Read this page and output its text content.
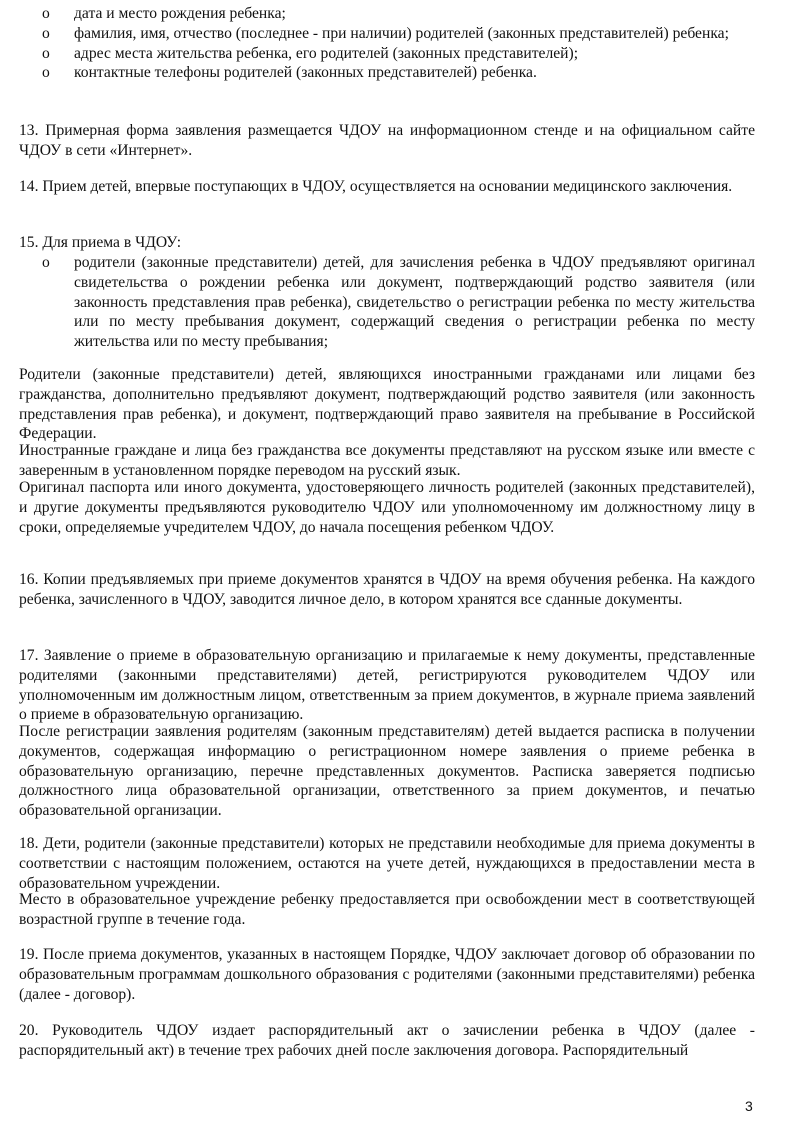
o дата и место рождения ребенка;
o фамилия, имя, отчество (последнее - при наличии) родителей (законных представителей) ребенка;
o адрес места жительства ребенка, его родителей (законных представителей);
o контактные телефоны родителей (законных представителей) ребенка.

13. Примерная форма заявления размещается ЧДОУ на информационном стенде и на официальном сайте ЧДОУ в сети «Интернет».

14. Прием детей, впервые поступающих в ЧДОУ, осуществляется на основании медицинского заключения.

15. Для приема в ЧДОУ:

o родители (законные представители) детей, для зачисления ребенка в ЧДОУ предъявляют оригинал свидетельства о рождении ребенка или документ, подтверждающий родство заявителя (или законность представления прав ребенка), свидетельство о регистрации ребенка по месту жительства или по месту пребывания документ, содержащий сведения о регистрации ребенка по месту жительства или по месту пребывания;

Родители (законные представители) детей, являющихся иностранными гражданами или лицами без гражданства, дополнительно предъявляют документ, подтверждающий родство заявителя (или законность представления прав ребенка), и документ, подтверждающий право заявителя на пребывание в Российской Федерации.

Иностранные граждане и лица без гражданства все документы представляют на русском языке или вместе с заверенным в установленном порядке переводом на русский язык.

Оригинал паспорта или иного документа, удостоверяющего личность родителей (законных представителей), и другие документы предъявляются руководителю ЧДОУ или уполномоченному им должностному лицу в сроки, определяемые учредителем ЧДОУ, до начала посещения ребенком ЧДОУ.

16. Копии предъявляемых при приеме документов хранятся в ЧДОУ на время обучения ребенка. На каждого ребенка, зачисленного в ЧДОУ, заводится личное дело, в котором хранятся все сданные документы.

17. Заявление о приеме в образовательную организацию и прилагаемые к нему документы, представленные родителями (законными представителями) детей, регистрируются руководителем ЧДОУ или уполномоченным им должностным лицом, ответственным за прием документов, в журнале приема заявлений о приеме в образовательную организацию.

После регистрации заявления родителям (законным представителям) детей выдается расписка в получении документов, содержащая информацию о регистрационном номере заявления о приеме ребенка в образовательную организацию, перечне представленных документов. Расписка заверяется подписью должностного лица образовательной организации, ответственного за прием документов, и печатью образовательной организации.

18. Дети, родители (законные представители) которых не представили необходимые для приема документы в соответствии с настоящим положением, остаются на учете детей, нуждающихся в предоставлении места в образовательном учреждении.

Место в образовательное учреждение ребенку предоставляется при освобождении мест в соответствующей возрастной группе в течение года.

19. После приема документов, указанных в настоящем Порядке, ЧДОУ заключает договор об образовании по образовательным программам дошкольного образования с родителями (законными представителями) ребенка (далее - договор).

20. Руководитель ЧДОУ издает распорядительный акт о зачислении ребенка в ЧДОУ (далее - распорядительный акт) в течение трех рабочих дней после заключения договора. Распорядительный

3
